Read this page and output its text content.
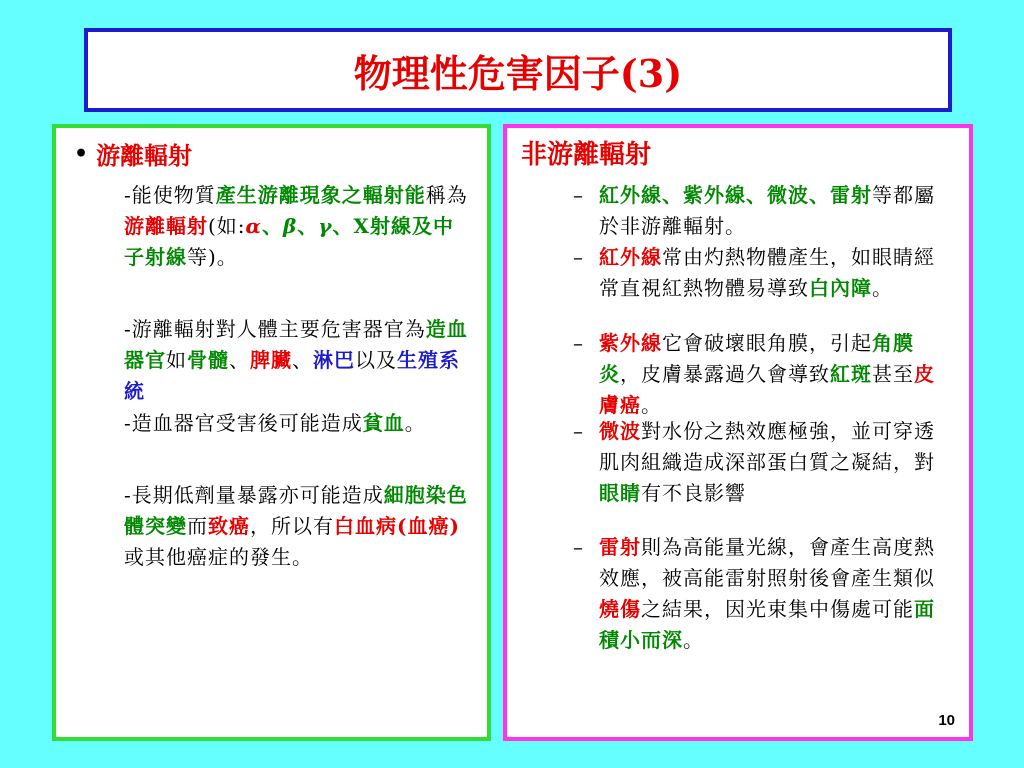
物理性危害因子(3)
• 游離輻射
-能使物質產生游離現象之輻射能稱為游離輻射(如:α、β、γ、X射線及中子射線等)。
-游離輻射對人體主要危害器官為造血器官如骨髓、脾臟、淋巴以及生殖系統
-造血器官受害後可能造成貧血。
-長期低劑量暴露亦可能造成細胞染色體突變而致癌，所以有白血病(血癌)或其他癌症的發生。
非游離輻射
– 紅外線、紫外線、微波、雷射等都屬於非游離輻射。
– 紅外線常由灼熱物體產生，如眼睛經常直視紅熱物體易導致白內障。
– 紫外線它會破壞眼角膜，引起角膜炎，皮膚暴露過久會導致紅斑甚至皮膚癌。
– 微波對水份之熱效應極強，並可穿透肌肉組織造成深部蛋白質之凝結，對眼睛有不良影響
– 雷射則為高能量光線，會產生高度熱效應，被高能雷射照射後會產生類似燒傷之結果，因光束集中傷處可能面積小而深。
10
